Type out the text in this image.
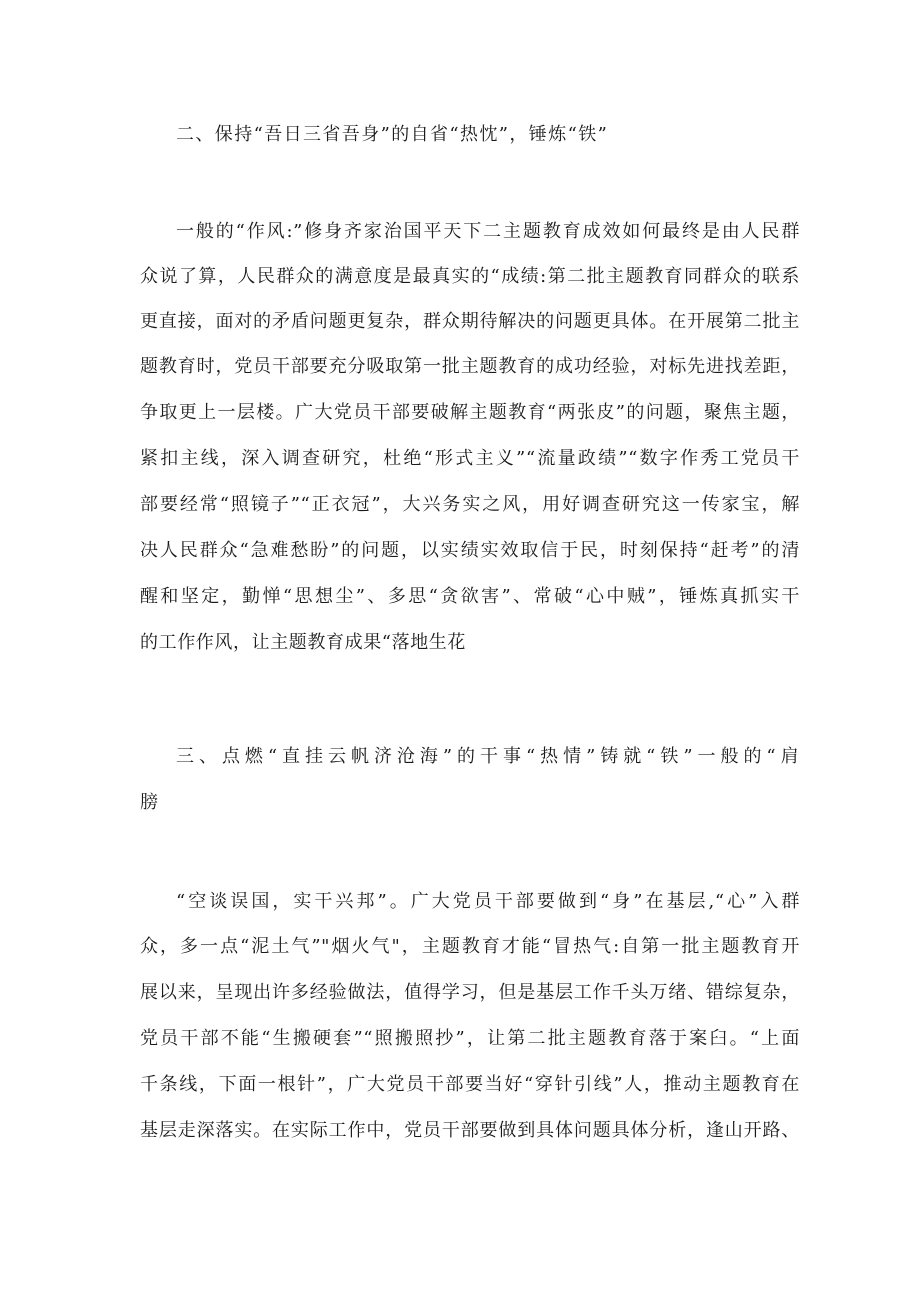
二、保持“吾日三省吾身”的自省“热忱”，锤炼“铁”
一般的“作风:”修身齐家治国平天下二主题教育成效如何最终是由人民群
众说了算，人民群众的满意度是最真实的“成绩:第二批主题教育同群众的联系
更直接，面对的矛盾问题更复杂，群众期待解决的问题更具体。在开展第二批主
题教育时，党员干部要充分吸取第一批主题教育的成功经验，对标先进找差距，
争取更上一层楼。广大党员干部要破解主题教育“两张皮”的问题，聚焦主题，
紧扣主线，深入调查研究，杜绝“形式主义”“流量政绩”“数字作秀工党员干
部要经常“照镜子”“正衣冠”，大兴务实之风，用好调查研究这一传家宝，解
决人民群众“急难愁盼”的问题，以实绩实效取信于民，时刻保持“赶考”的清
醒和坚定，勤惮“思想尘”、多思“贪欲害”、常破“心中贼”，锤炼真抓实干
的工作作风，让主题教育成果“落地生花
三、点燃“直挂云帆济沧海”的干事“热情”铸就“铁”一般的“肩
膀
“空谈误国，实干兴邦”。广大党员干部要做到“身”在基层,“心”入群
众，多一点“泥土气”"烟火气"，主题教育才能“冒热气:自第一批主题教育开
展以来，呈现出许多经验做法，值得学习，但是基层工作千头万绪、错综复杂，
党员干部不能“生搬硬套”“照搬照抄”，让第二批主题教育落于案臼。“上面
千条线，下面一根针”，广大党员干部要当好“穿针引线”人，推动主题教育在
基层走深落实。在实际工作中，党员干部要做到具体问题具体分析，逢山开路、
